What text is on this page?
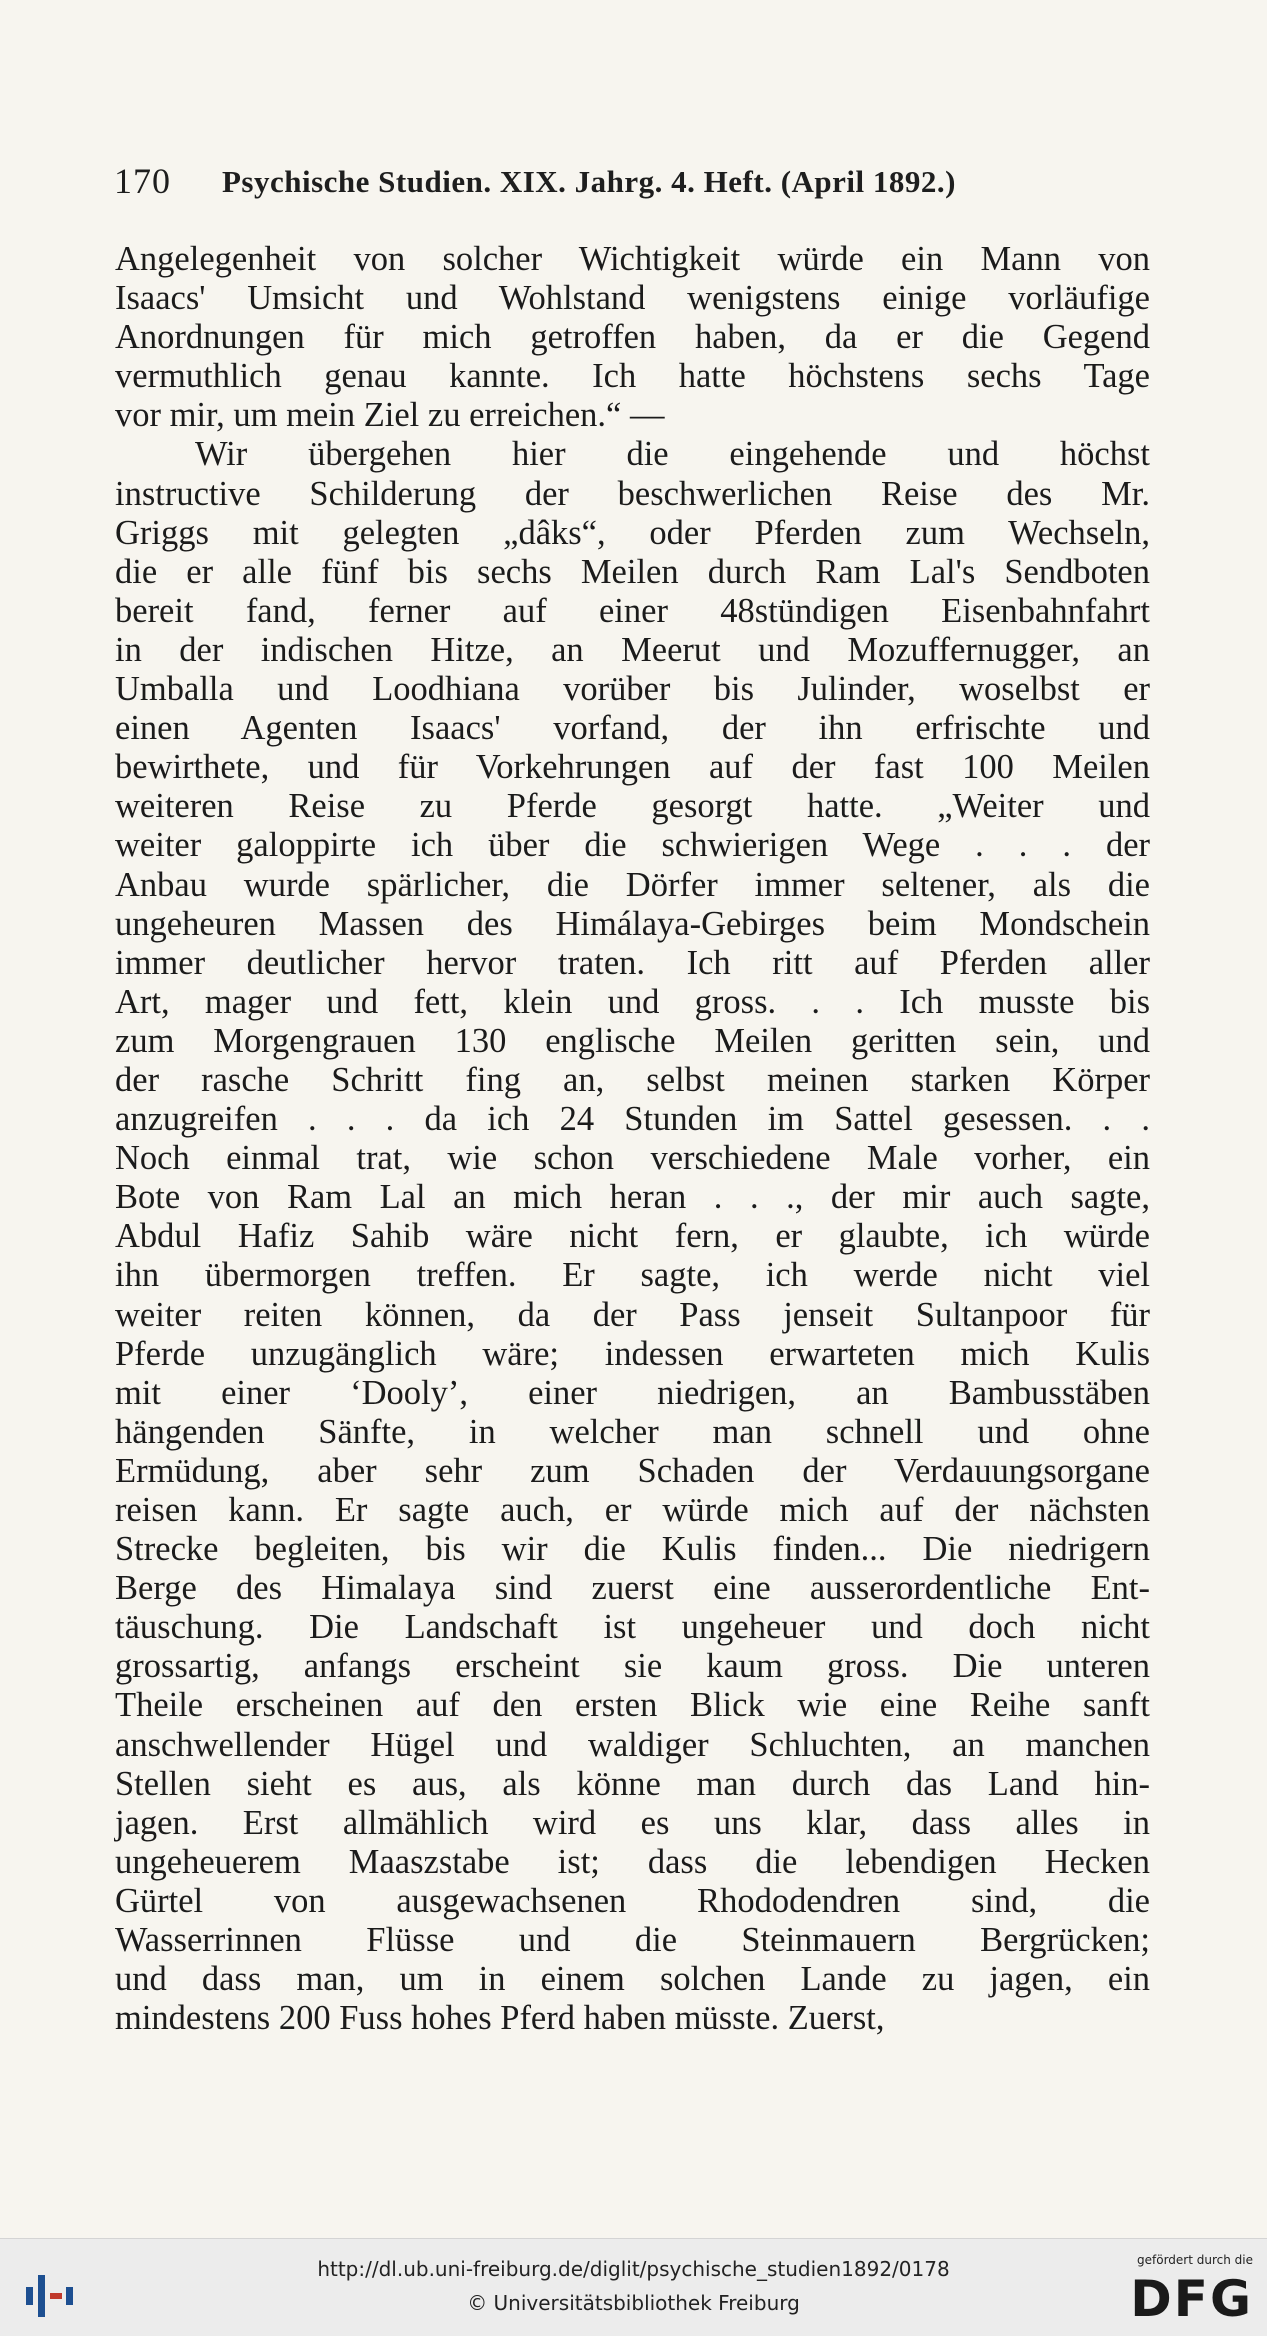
170 Psychische Studien. XIX. Jahrg. 4. Heft. (April 1892.)
Angelegenheit von solcher Wichtigkeit würde ein Mann von
Isaacs' Umsicht und Wohlstand wenigstens einige vorläufige
Anordnungen für mich getroffen haben, da er die Gegend
vermuthlich genau kannte. Ich hatte höchstens sechs Tage
vor mir, um mein Ziel zu erreichen.“ —
Wir übergehen hier die eingehende und höchst
instructive Schilderung der beschwerlichen Reise des Mr.
Griggs mit gelegten „dâks“, oder Pferden zum Wechseln,
die er alle fünf bis sechs Meilen durch Ram Lal's Sendboten
bereit fand, ferner auf einer 48stündigen Eisenbahnfahrt
in der indischen Hitze, an Meerut und Mozuffernugger, an
Umballa und Loodhiana vorüber bis Julinder, woselbst er
einen Agenten Isaacs' vorfand, der ihn erfrischte und
bewirthete, und für Vorkehrungen auf der fast 100 Meilen
weiteren Reise zu Pferde gesorgt hatte. „Weiter und
weiter galoppirte ich über die schwierigen Wege . . . der
Anbau wurde spärlicher, die Dörfer immer seltener, als die
ungeheuren Massen des Himálaya-Gebirges beim Mondschein
immer deutlicher hervor traten. Ich ritt auf Pferden aller
Art, mager und fett, klein und gross. . . Ich musste bis
zum Morgengrauen 130 englische Meilen geritten sein, und
der rasche Schritt fing an, selbst meinen starken Körper
anzugreifen . . . da ich 24 Stunden im Sattel gesessen. . .
Noch einmal trat, wie schon verschiedene Male vorher, ein
Bote von Ram Lal an mich heran . . ., der mir auch sagte,
Abdul Hafiz Sahib wäre nicht fern, er glaubte, ich würde
ihn übermorgen treffen. Er sagte, ich werde nicht viel
weiter reiten können, da der Pass jenseit Sultanpoor für
Pferde unzugänglich wäre; indessen erwarteten mich Kulis
mit einer ‘Dooly’, einer niedrigen, an Bambusstäben
hängenden Sänfte, in welcher man schnell und ohne
Ermüdung, aber sehr zum Schaden der Verdauungsorgane
reisen kann. Er sagte auch, er würde mich auf der nächsten
Strecke begleiten, bis wir die Kulis finden... Die niedrigern
Berge des Himalaya sind zuerst eine ausserordentliche Ent-
täuschung. Die Landschaft ist ungeheuer und doch nicht
grossartig, anfangs erscheint sie kaum gross. Die unteren
Theile erscheinen auf den ersten Blick wie eine Reihe sanft
anschwellender Hügel und waldiger Schluchten, an manchen
Stellen sieht es aus, als könne man durch das Land hin-
jagen. Erst allmählich wird es uns klar, dass alles in
ungeheuerem Maaszstabe ist; dass die lebendigen Hecken
Gürtel von ausgewachsenen Rhododendren sind, die
Wasserrinnen Flüsse und die Steinmauern Bergrücken;
und dass man, um in einem solchen Lande zu jagen, ein
mindestens 200 Fuss hohes Pferd haben müsste. Zuerst,
http://dl.ub.uni-freiburg.de/diglit/psychische_studien1892/0178
© Universitätsbibliothek Freiburg
gefördert durch die
DFG
